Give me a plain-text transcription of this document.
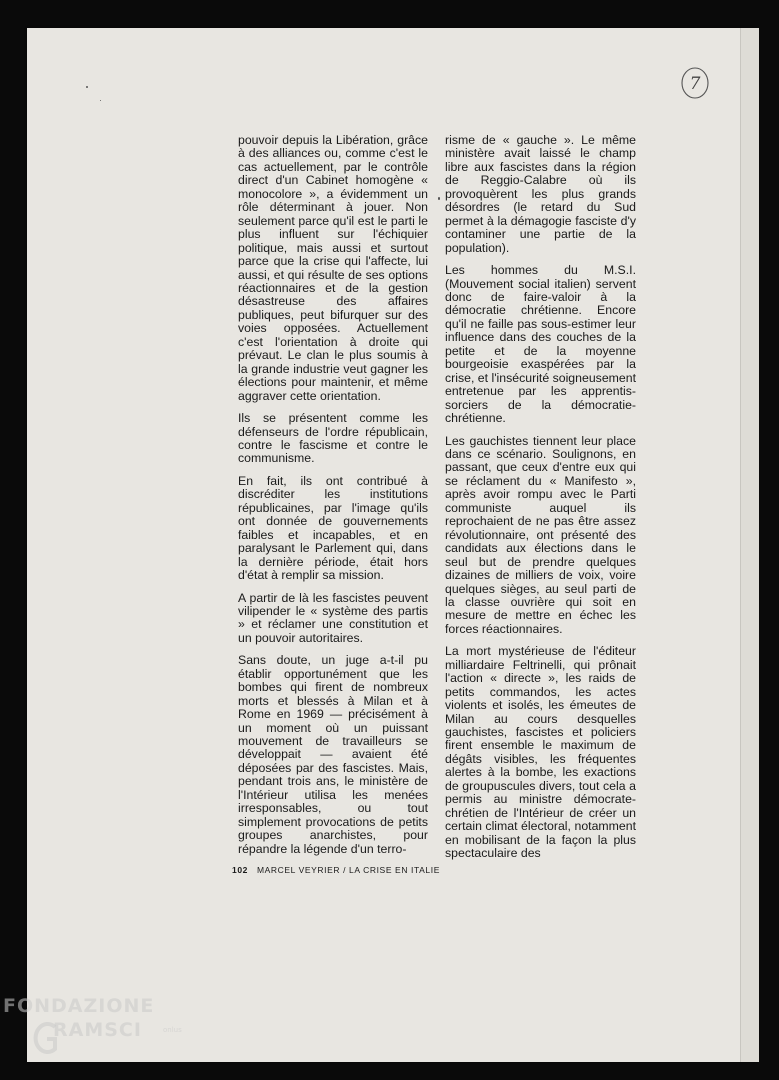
7

pouvoir depuis la Libération, grâce à des alliances ou, comme c'est le cas actuellement, par le contrôle direct d'un Cabinet homogène « monocolore », a évidemment un rôle déterminant à jouer. Non seulement parce qu'il est le parti le plus influent sur l'échiquier politique, mais aussi et surtout parce que la crise qui l'affecte, lui aussi, et qui résulte de ses options réactionnaires et de la gestion désastreuse des affaires publiques, peut bifurquer sur des voies opposées. Actuellement c'est l'orientation à droite qui prévaut. Le clan le plus soumis à la grande industrie veut gagner les élections pour maintenir, et même aggraver cette orientation.

Ils se présentent comme les défenseurs de l'ordre républicain, contre le fascisme et contre le communisme.

En fait, ils ont contribué à discréditer les institutions républicaines, par l'image qu'ils ont donnée de gouvernements faibles et incapables, et en paralysant le Parlement qui, dans la dernière période, était hors d'état à remplir sa mission.

A partir de là les fascistes peuvent vilipender le « système des partis » et réclamer une constitution et un pouvoir autoritaires.

Sans doute, un juge a-t-il pu établir opportunément que les bombes qui firent de nombreux morts et blessés à Milan et à Rome en 1969 — précisément à un moment où un puissant mouvement de travailleurs se développait — avaient été déposées par des fascistes. Mais, pendant trois ans, le ministère de l'Intérieur utilisa les menées irresponsables, ou tout simplement provocations de petits groupes anarchistes, pour répandre la légende d'un terro-

risme de « gauche ». Le même ministère avait laissé le champ libre aux fascistes dans la région de Reggio-Calabre où ils provoquèrent les plus grands désordres (le retard du Sud permet à la démagogie fasciste d'y contaminer une partie de la population).

Les hommes du M.S.I. (Mouvement social italien) servent donc de faire-valoir à la démocratie chrétienne. Encore qu'il ne faille pas sous-estimer leur influence dans des couches de la petite et de la moyenne bourgeoisie exaspérées par la crise, et l'insécurité soigneusement entretenue par les apprentis-sorciers de la démocratie-chrétienne.

Les gauchistes tiennent leur place dans ce scénario. Soulignons, en passant, que ceux d'entre eux qui se réclament du « Manifesto », après avoir rompu avec le Parti communiste auquel ils reprochaient de ne pas être assez révolutionnaire, ont présenté des candidats aux élections dans le seul but de prendre quelques dizaines de milliers de voix, voire quelques sièges, au seul parti de la classe ouvrière qui soit en mesure de mettre en échec les forces réactionnaires.

La mort mystérieuse de l'éditeur milliardaire Feltrinelli, qui prônait l'action « directe », les raids de petits commandos, les actes violents et isolés, les émeutes de Milan au cours desquelles gauchistes, fascistes et policiers firent ensemble le maximum de dégâts visibles, les fréquentes alertes à la bombe, les exactions de groupuscules divers, tout cela a permis au ministre démocrate-chrétien de l'Intérieur de créer un certain climat électoral, notamment en mobilisant de la façon la plus spectaculaire des

102 MARCEL VEYRIER / LA CRISE EN ITALIE
FONDAZIONE
RAMSCI	onlus
